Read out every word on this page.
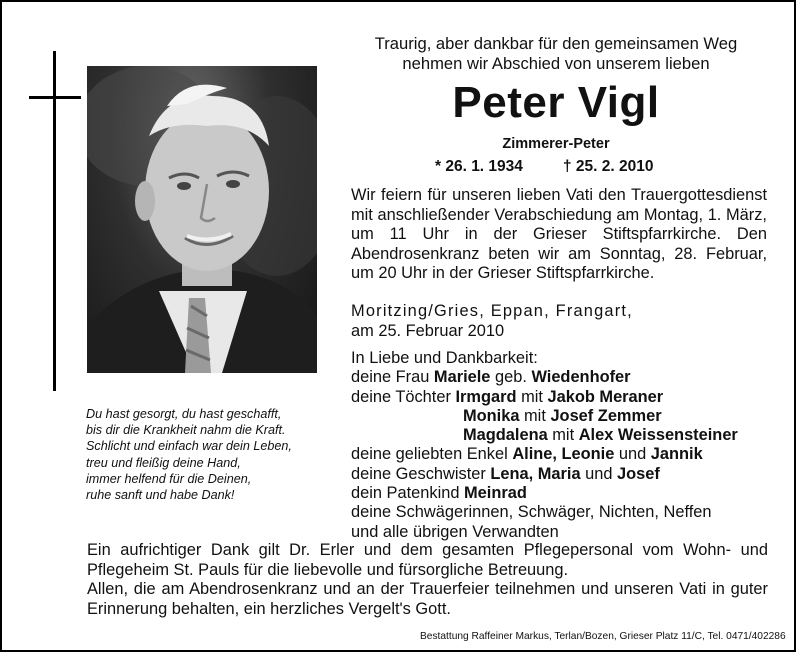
Du hast gesorgt, du hast geschafft,
bis dir die Krankheit nahm die Kraft.
Schlicht und einfach war dein Leben,
treu und fleißig deine Hand,
immer helfend für die Deinen,
ruhe sanft und habe Dank!
Traurig, aber dankbar für den gemeinsamen Weg
nehmen wir Abschied von unserem lieben
Peter Vigl
Zimmerer-Peter
* 26. 1. 1934	† 25. 2. 2010
Wir feiern für unseren lieben Vati den Trauergottesdienst mit anschließender Verabschiedung am Montag, 1. März, um 11 Uhr in der Grieser Stiftspfarrkirche. Den Abendrosenkranz beten wir am Sonntag, 28. Februar, um 20 Uhr in der Grieser Stiftspfarrkirche.
Moritzing/Gries, Eppan, Frangart,
am 25. Februar 2010
In Liebe und Dankbarkeit:
deine Frau Mariele geb. Wiedenhofer
deine Töchter Irmgard mit Jakob Meraner
Monika mit Josef Zemmer
Magdalena mit Alex Weissensteiner
deine geliebten Enkel Aline, Leonie und Jannik
deine Geschwister Lena, Maria und Josef
dein Patenkind Meinrad
deine Schwägerinnen, Schwäger, Nichten, Neffen
und alle übrigen Verwandten
Ein aufrichtiger Dank gilt Dr. Erler und dem gesamten Pflegepersonal vom Wohn- und Pflegeheim St. Pauls für die liebevolle und fürsorgliche Betreuung.
Allen, die am Abendrosenkranz und an der Trauerfeier teilnehmen und unseren Vati in guter Erinnerung behalten, ein herzliches Vergelt's Gott.
Bestattung Raffeiner Markus, Terlan/Bozen, Grieser Platz 11/C, Tel. 0471/402286
